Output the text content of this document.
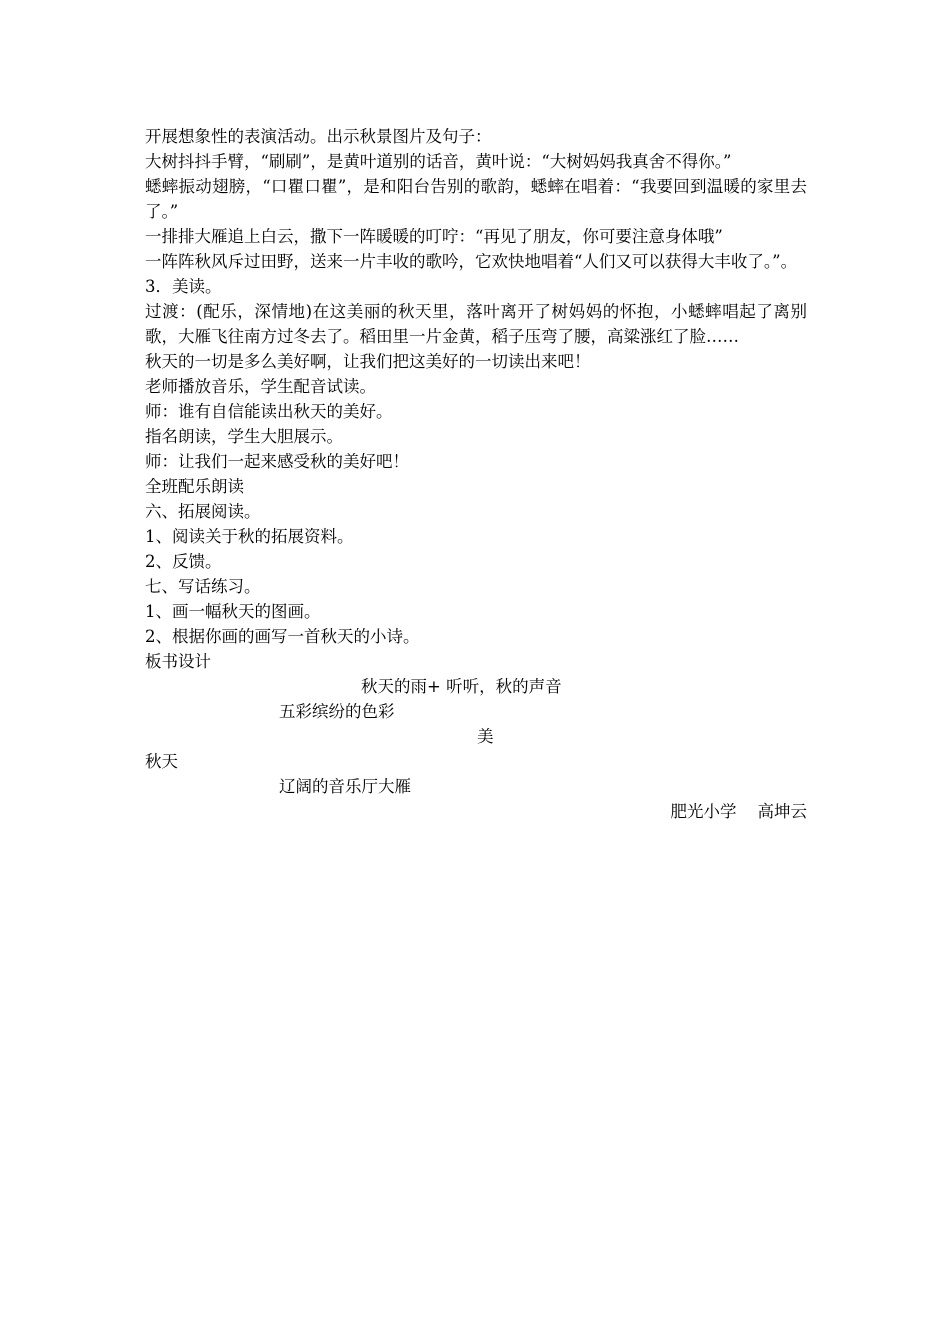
开展想象性的表演活动。出示秋景图片及句子：

大树抖抖手臂，“刷刷”，是黄叶道别的话音，黄叶说：“大树妈妈我真舍不得你。”

蟋蟀振动翅膀，“口瞿口瞿”，是和阳台告别的歌韵，蟋蟀在唱着：“我要回到温暖的家里去了。”

一排排大雁追上白云，撒下一阵暖暖的叮咛：“再见了朋友，你可要注意身体哦”

一阵阵秋风斥过田野，送来一片丰收的歌吟，它欢快地唱着“人们又可以获得大丰收了。”。

3．美读。

过渡：(配乐，深情地)在这美丽的秋天里，落叶离开了树妈妈的怀抱，小蟋蟀唱起了离别歌，大雁飞往南方过冬去了。稻田里一片金黄，稻子压弯了腰，高粱涨红了脸……

秋天的一切是多么美好啊，让我们把这美好的一切读出来吧！

老师播放音乐，学生配音试读。

师：谁有自信能读出秋天的美好。

指名朗读，学生大胆展示。

师：让我们一起来感受秋的美好吧！

全班配乐朗读

六、拓展阅读。

1、阅读关于秋的拓展资料。

2、反馈。

七、写话练习。

1、画一幅秋天的图画。

2、根据你画的画写一首秋天的小诗。

板书设计

秋天的雨+ 听听，秋的声音
五彩缤纷的色彩
美
秋天
辽阔的音乐厅大雁

肥光小学    高坤云
